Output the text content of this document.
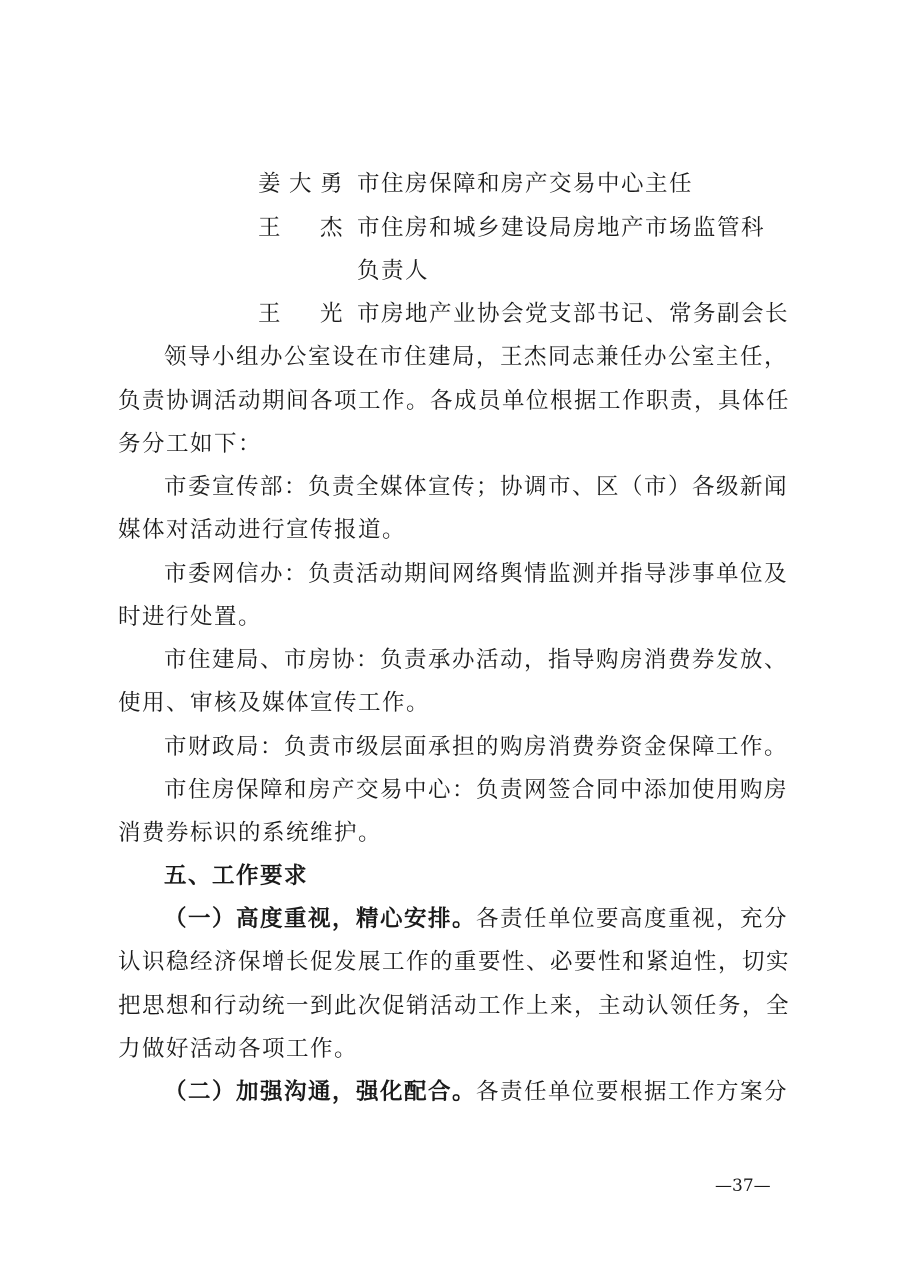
姜大勇 市住房保障和房产交易中心主任
王　杰 市住房和城乡建设局房地产市场监管科
负责人
王　光 市房地产业协会党支部书记、常务副会长
领导小组办公室设在市住建局，王杰同志兼任办公室主任，
负责协调活动期间各项工作。各成员单位根据工作职责，具体任
务分工如下：
市委宣传部：负责全媒体宣传；协调市、区（市）各级新闻
媒体对活动进行宣传报道。
市委网信办：负责活动期间网络舆情监测并指导涉事单位及
时进行处置。
市住建局、市房协：负责承办活动，指导购房消费券发放、
使用、审核及媒体宣传工作。
市财政局：负责市级层面承担的购房消费券资金保障工作。
市住房保障和房产交易中心：负责网签合同中添加使用购房
消费券标识的系统维护。
五、工作要求
（一）高度重视，精心安排。各责任单位要高度重视，充分
认识稳经济保增长促发展工作的重要性、必要性和紧迫性，切实
把思想和行动统一到此次促销活动工作上来，主动认领任务，全
力做好活动各项工作。
（二）加强沟通，强化配合。各责任单位要根据工作方案分
—37—
